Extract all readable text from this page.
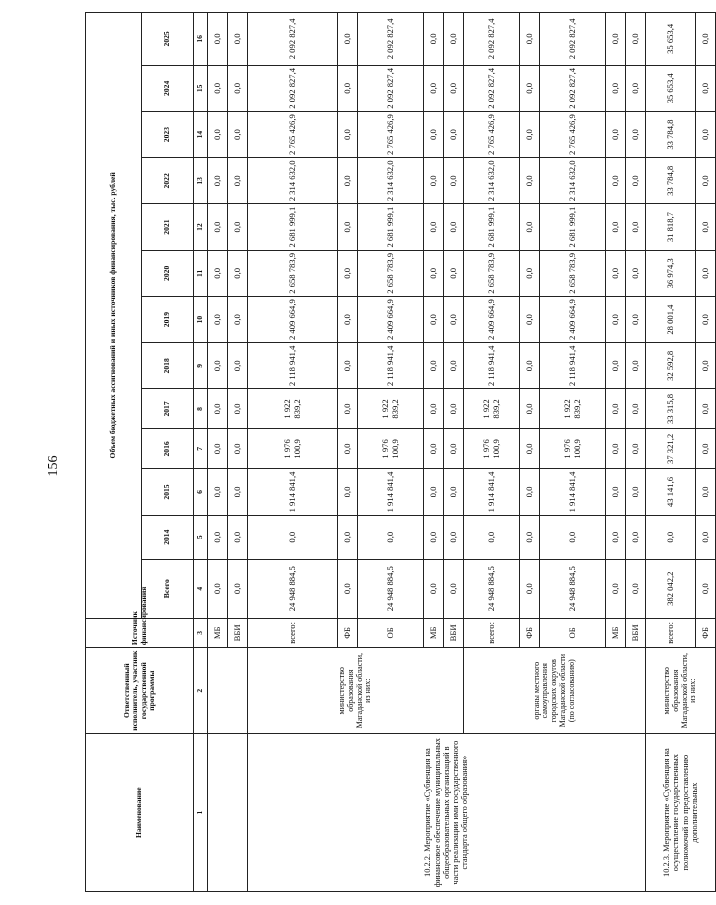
156
Наименование	Ответственный исполнитель, участник государственной программы	Источник финансирования	Объем бюджетных ассигнований и иных источников финансирования, тыс. рублей												
			Всего	2014	2015	2016	2017	2018	2019	2020	2021	2022	2023	2024	2025
1	2	3	4	5	6	7	8	9	10	11	12	13	14	15	16
		МБ	0,0	0,0	0,0	0,0	0,0	0,0	0,0	0,0	0,0	0,0	0,0	0,0	0,0
		ВБИ	0,0	0,0	0,0	0,0	0,0	0,0	0,0	0,0	0,0	0,0	0,0	0,0	0,0
10.2.2. Мероприятие «Субвенция на финансовое обеспечение муниципальных общеобразовательных организаций в части реализации ими государственного стандарта общего образования»	министерство образования Магаданской области, из них:	всего:	24 948 884,5	0,0	1 914 841,4	1 976 100,9	1 922 839,2	2 118 941,4	2 409 664,9	2 658 783,9	2 681 999,1	2 314 632,0	2 765 426,9	2 092 827,4	2 092 827,4
		ФБ	0,0	0,0	0,0	0,0	0,0	0,0	0,0	0,0	0,0	0,0	0,0	0,0	0,0
		ОБ	24 948 884,5	0,0	1 914 841,4	1 976 100,9	1 922 839,2	2 118 941,4	2 409 664,9	2 658 783,9	2 681 999,1	2 314 632,0	2 765 426,9	2 092 827,4	2 092 827,4
		МБ	0,0	0,0	0,0	0,0	0,0	0,0	0,0	0,0	0,0	0,0	0,0	0,0	0,0
		ВБИ	0,0	0,0	0,0	0,0	0,0	0,0	0,0	0,0	0,0	0,0	0,0	0,0	0,0
	органы местного самоуправления городских округов Магаданской области (по согласованию)	всего:	24 948 884,5	0,0	1 914 841,4	1 976 100,9	1 922 839,2	2 118 941,4	2 409 664,9	2 658 783,9	2 681 999,1	2 314 632,0	2 765 426,9	2 092 827,4	2 092 827,4
		ФБ	0,0	0,0	0,0	0,0	0,0	0,0	0,0	0,0	0,0	0,0	0,0	0,0	0,0
		ОБ	24 948 884,5	0,0	1 914 841,4	1 976 100,9	1 922 839,2	2 118 941,4	2 409 664,9	2 658 783,9	2 681 999,1	2 314 632,0	2 765 426,9	2 092 827,4	2 092 827,4
		МБ	0,0	0,0	0,0	0,0	0,0	0,0	0,0	0,0	0,0	0,0	0,0	0,0	0,0
		ВБИ	0,0	0,0	0,0	0,0	0,0	0,0	0,0	0,0	0,0	0,0	0,0	0,0	0,0
10.2.3. Мероприятие «Субвенция на осуществление государственных полномочий по предоставлению дополнительных	министерство образования Магаданской области, из них:	всего:	382 042,2	0,0	43 141,6	37 321,2	33 315,8	32 592,8	28 001,4	36 974,3	31 818,7	33 784,8	33 784,8	35 653,4	35 653,4
		ФБ	0,0	0,0	0,0	0,0	0,0	0,0	0,0	0,0	0,0	0,0	0,0	0,0	0,0
